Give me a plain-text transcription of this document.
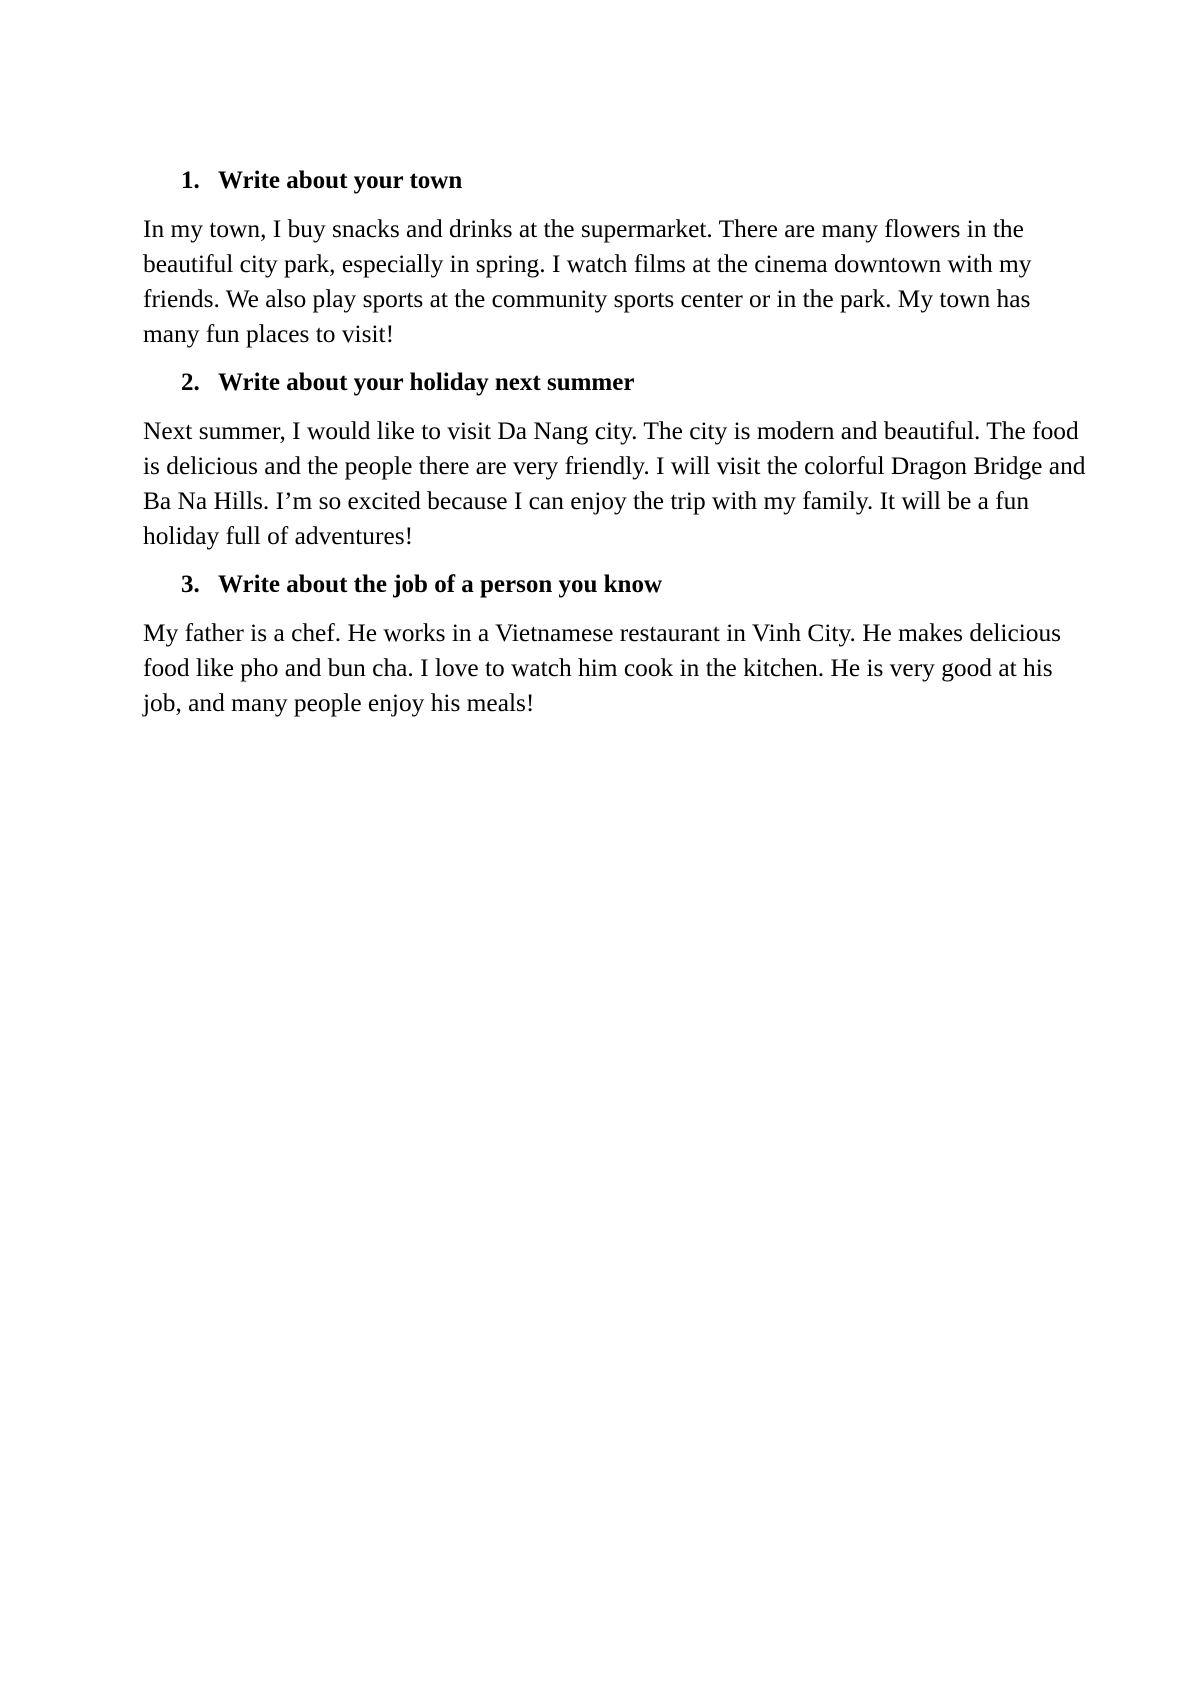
1. Write about your town

In my town, I buy snacks and drinks at the supermarket. There are many flowers in the beautiful city park, especially in spring. I watch films at the cinema downtown with my friends. We also play sports at the community sports center or in the park. My town has many fun places to visit!

2. Write about your holiday next summer

Next summer, I would like to visit Da Nang city. The city is modern and beautiful. The food is delicious and the people there are very friendly. I will visit the colorful Dragon Bridge and Ba Na Hills. I’m so excited because I can enjoy the trip with my family. It will be a fun holiday full of adventures!

3. Write about the job of a person you know

My father is a chef. He works in a Vietnamese restaurant in Vinh City. He makes delicious food like pho and bun cha. I love to watch him cook in the kitchen. He is very good at his job, and many people enjoy his meals!
